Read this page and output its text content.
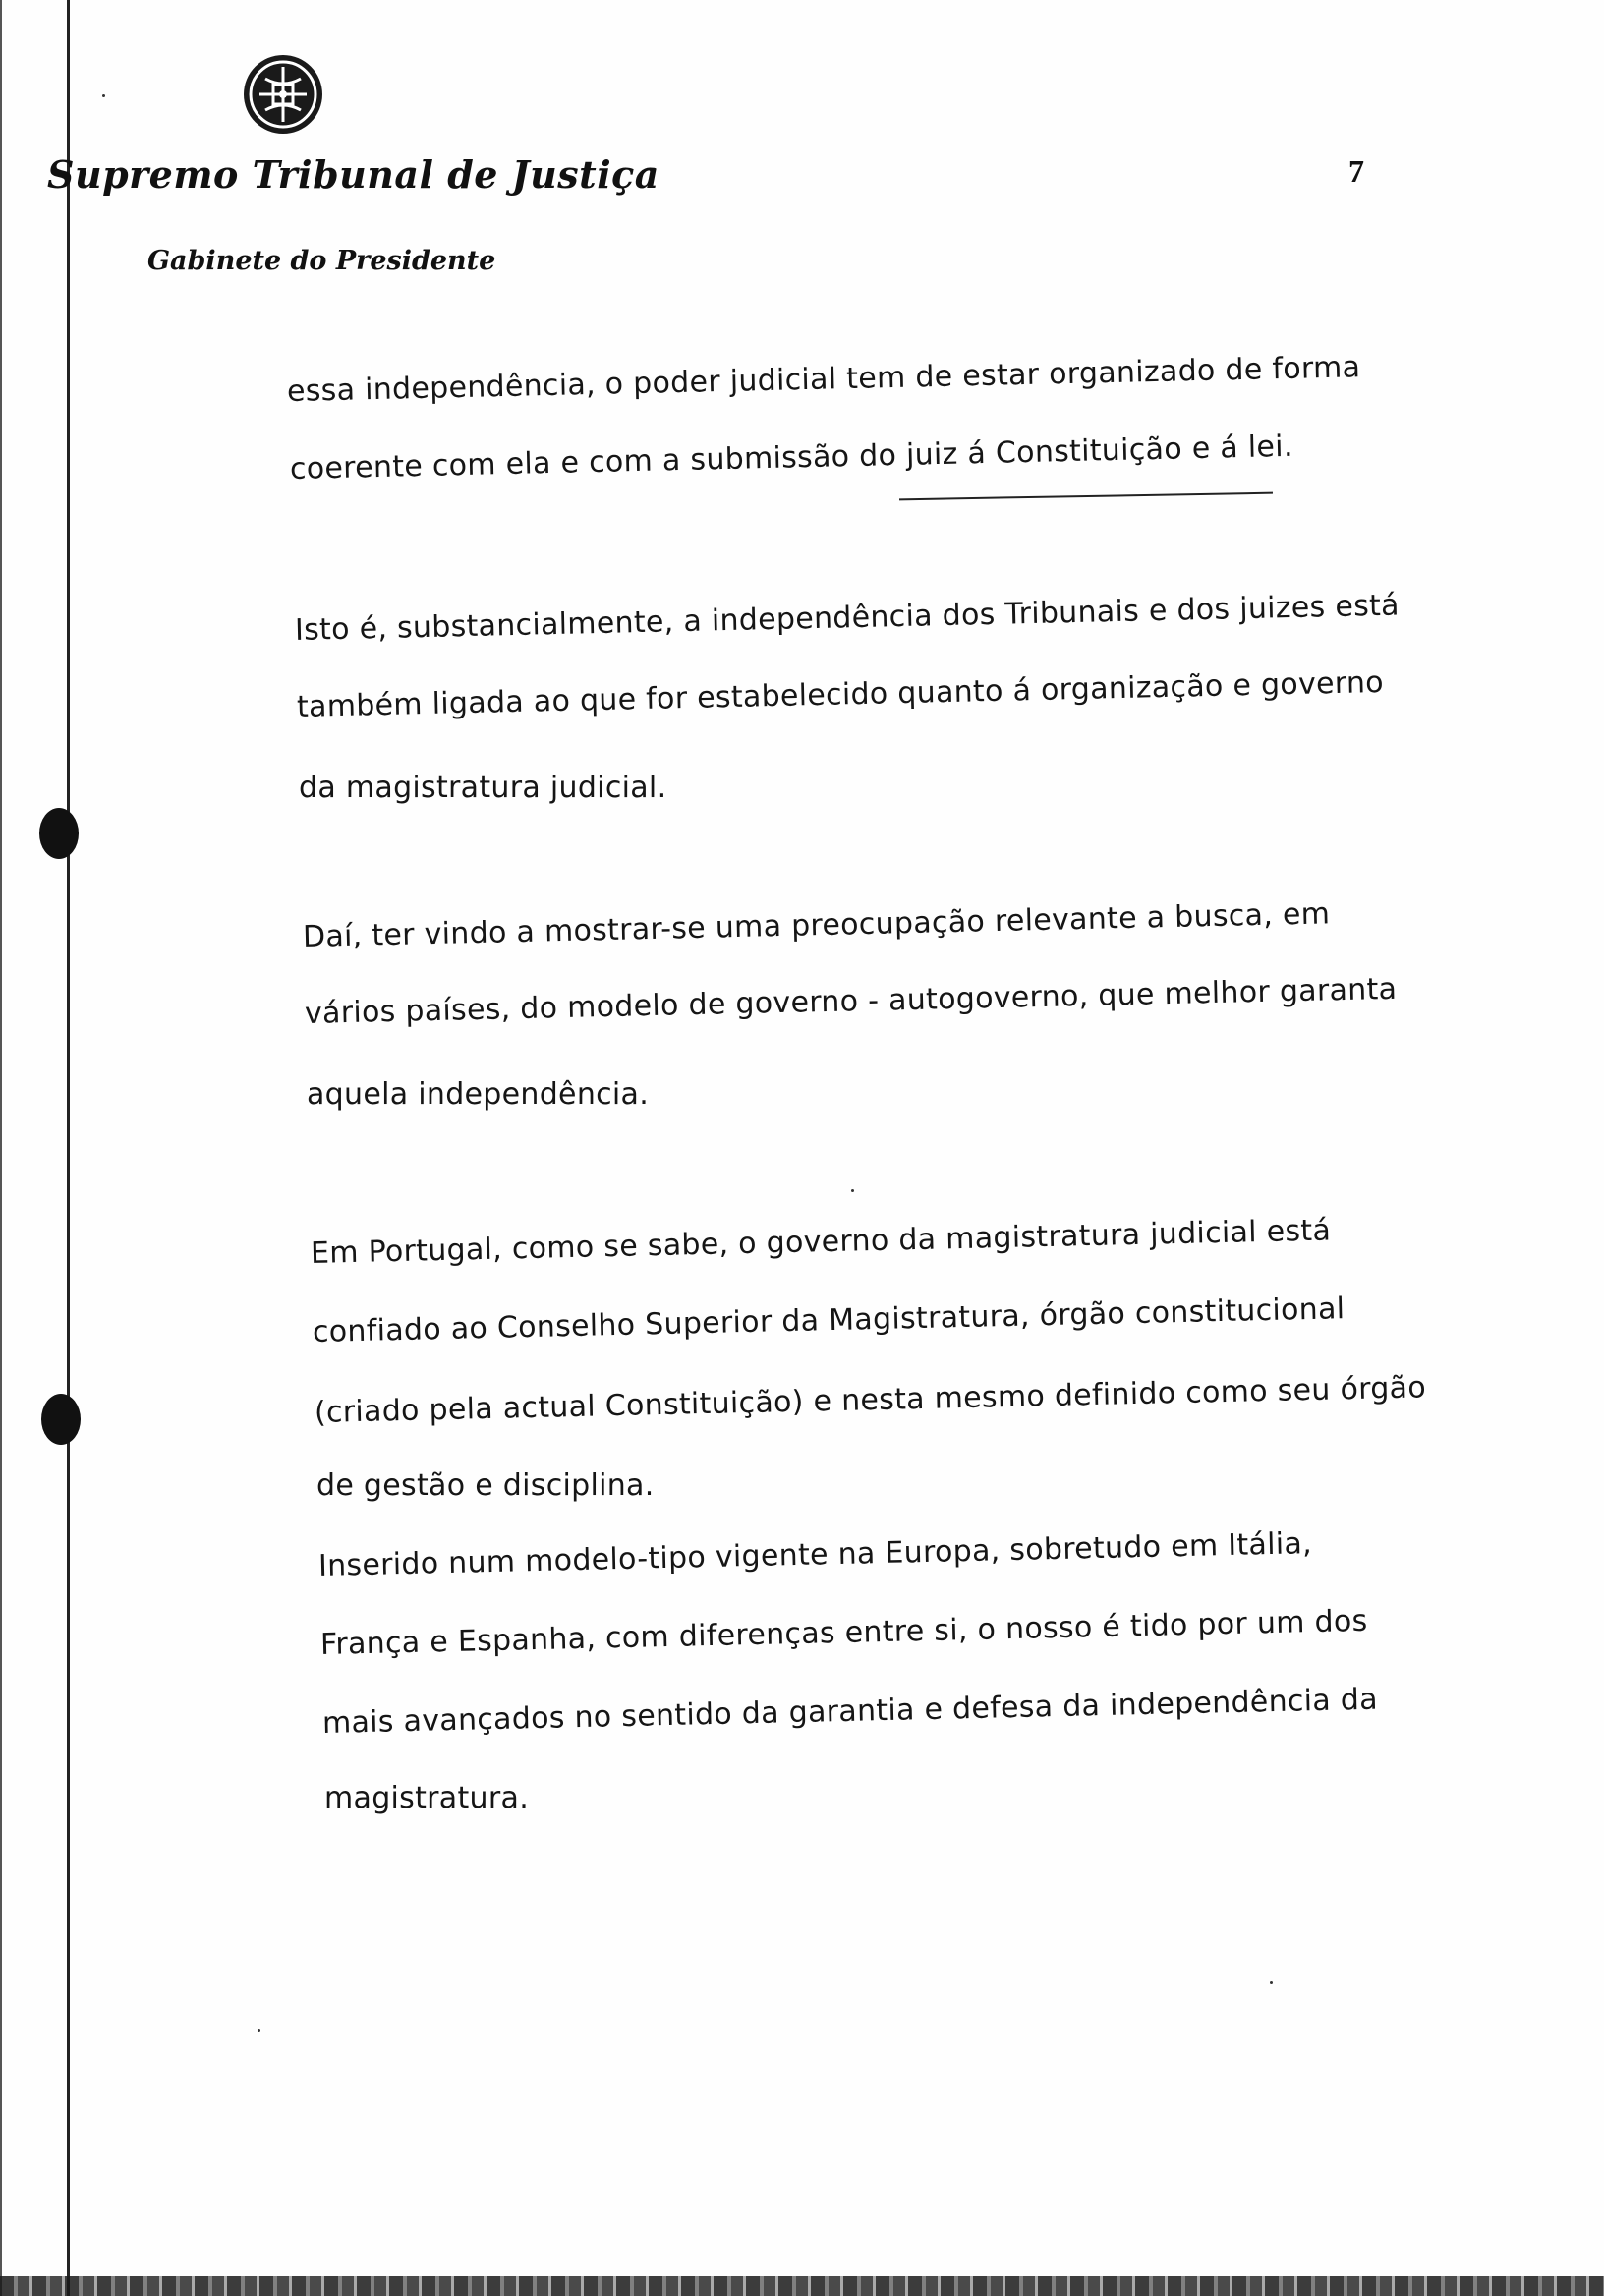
Supremo Tribunal de Justiça
Gabinete do Presidente
7
essa independência, o poder judicial tem de estar organizado de forma
coerente com ela e com a submissão do juiz á Constituição e á lei.
Isto é, substancialmente, a independência dos Tribunais e dos juizes está
também ligada ao que for estabelecido quanto á organização e governo
da magistratura judicial.
Daí, ter vindo a mostrar-se uma preocupação relevante a busca, em
vários países, do modelo de governo - autogoverno, que melhor garanta
aquela independência.
Em Portugal, como se sabe, o governo da magistratura judicial está
confiado ao Conselho Superior da Magistratura, órgão constitucional
(criado pela actual Constituição) e nesta mesmo definido como seu órgão
de gestão e disciplina.
Inserido num modelo-tipo vigente na Europa, sobretudo em Itália,
França e Espanha, com diferenças entre si, o nosso é tido por um dos
mais avançados no sentido da garantia e defesa da independência da
magistratura.
